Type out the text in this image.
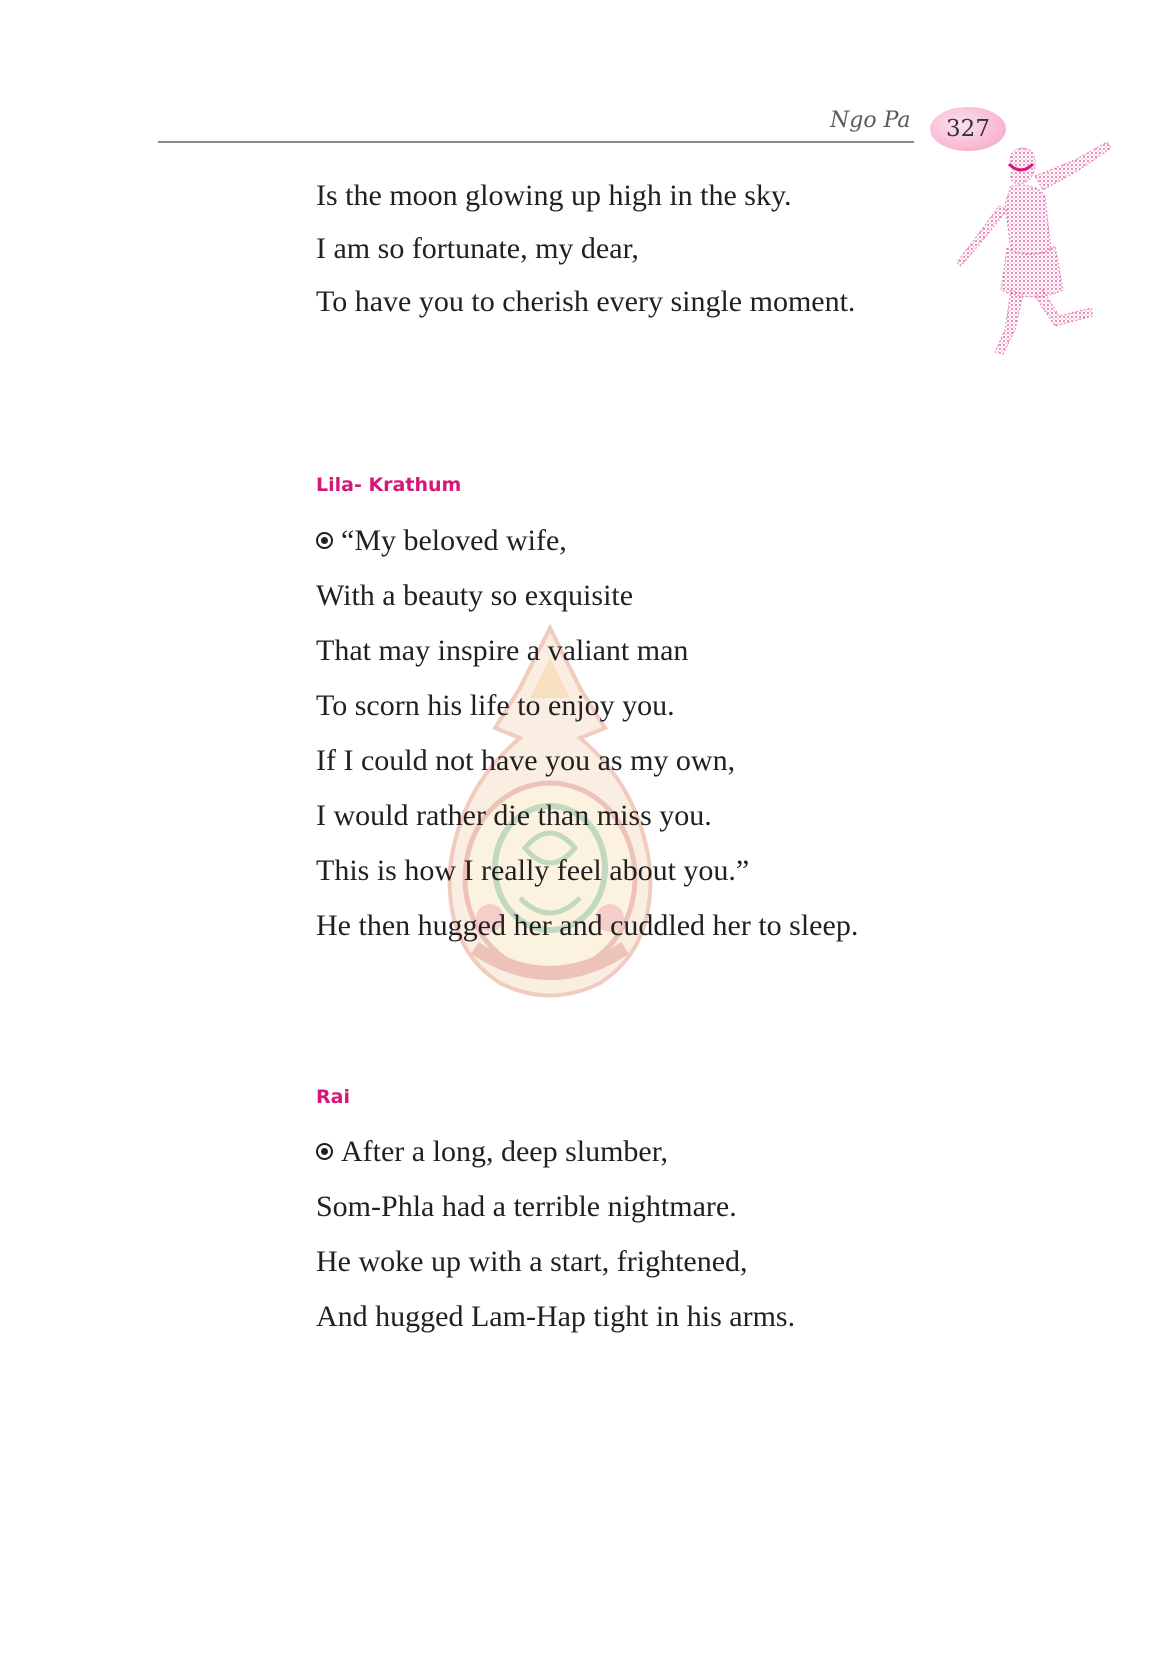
Ngo Pa 327
Is the moon glowing up high in the sky.
I am so fortunate, my dear,
To have you to cherish every single moment.
Lila- Krathum
“My beloved wife,
With a beauty so exquisite
That may inspire a valiant man
To scorn his life to enjoy you.
If I could not have you as my own,
I would rather die than miss you.
This is how I really feel about you.”
He then hugged her and cuddled her to sleep.
Rai
After a long, deep slumber,
Som-Phla had a terrible nightmare.
He woke up with a start, frightened,
And hugged Lam-Hap tight in his arms.
